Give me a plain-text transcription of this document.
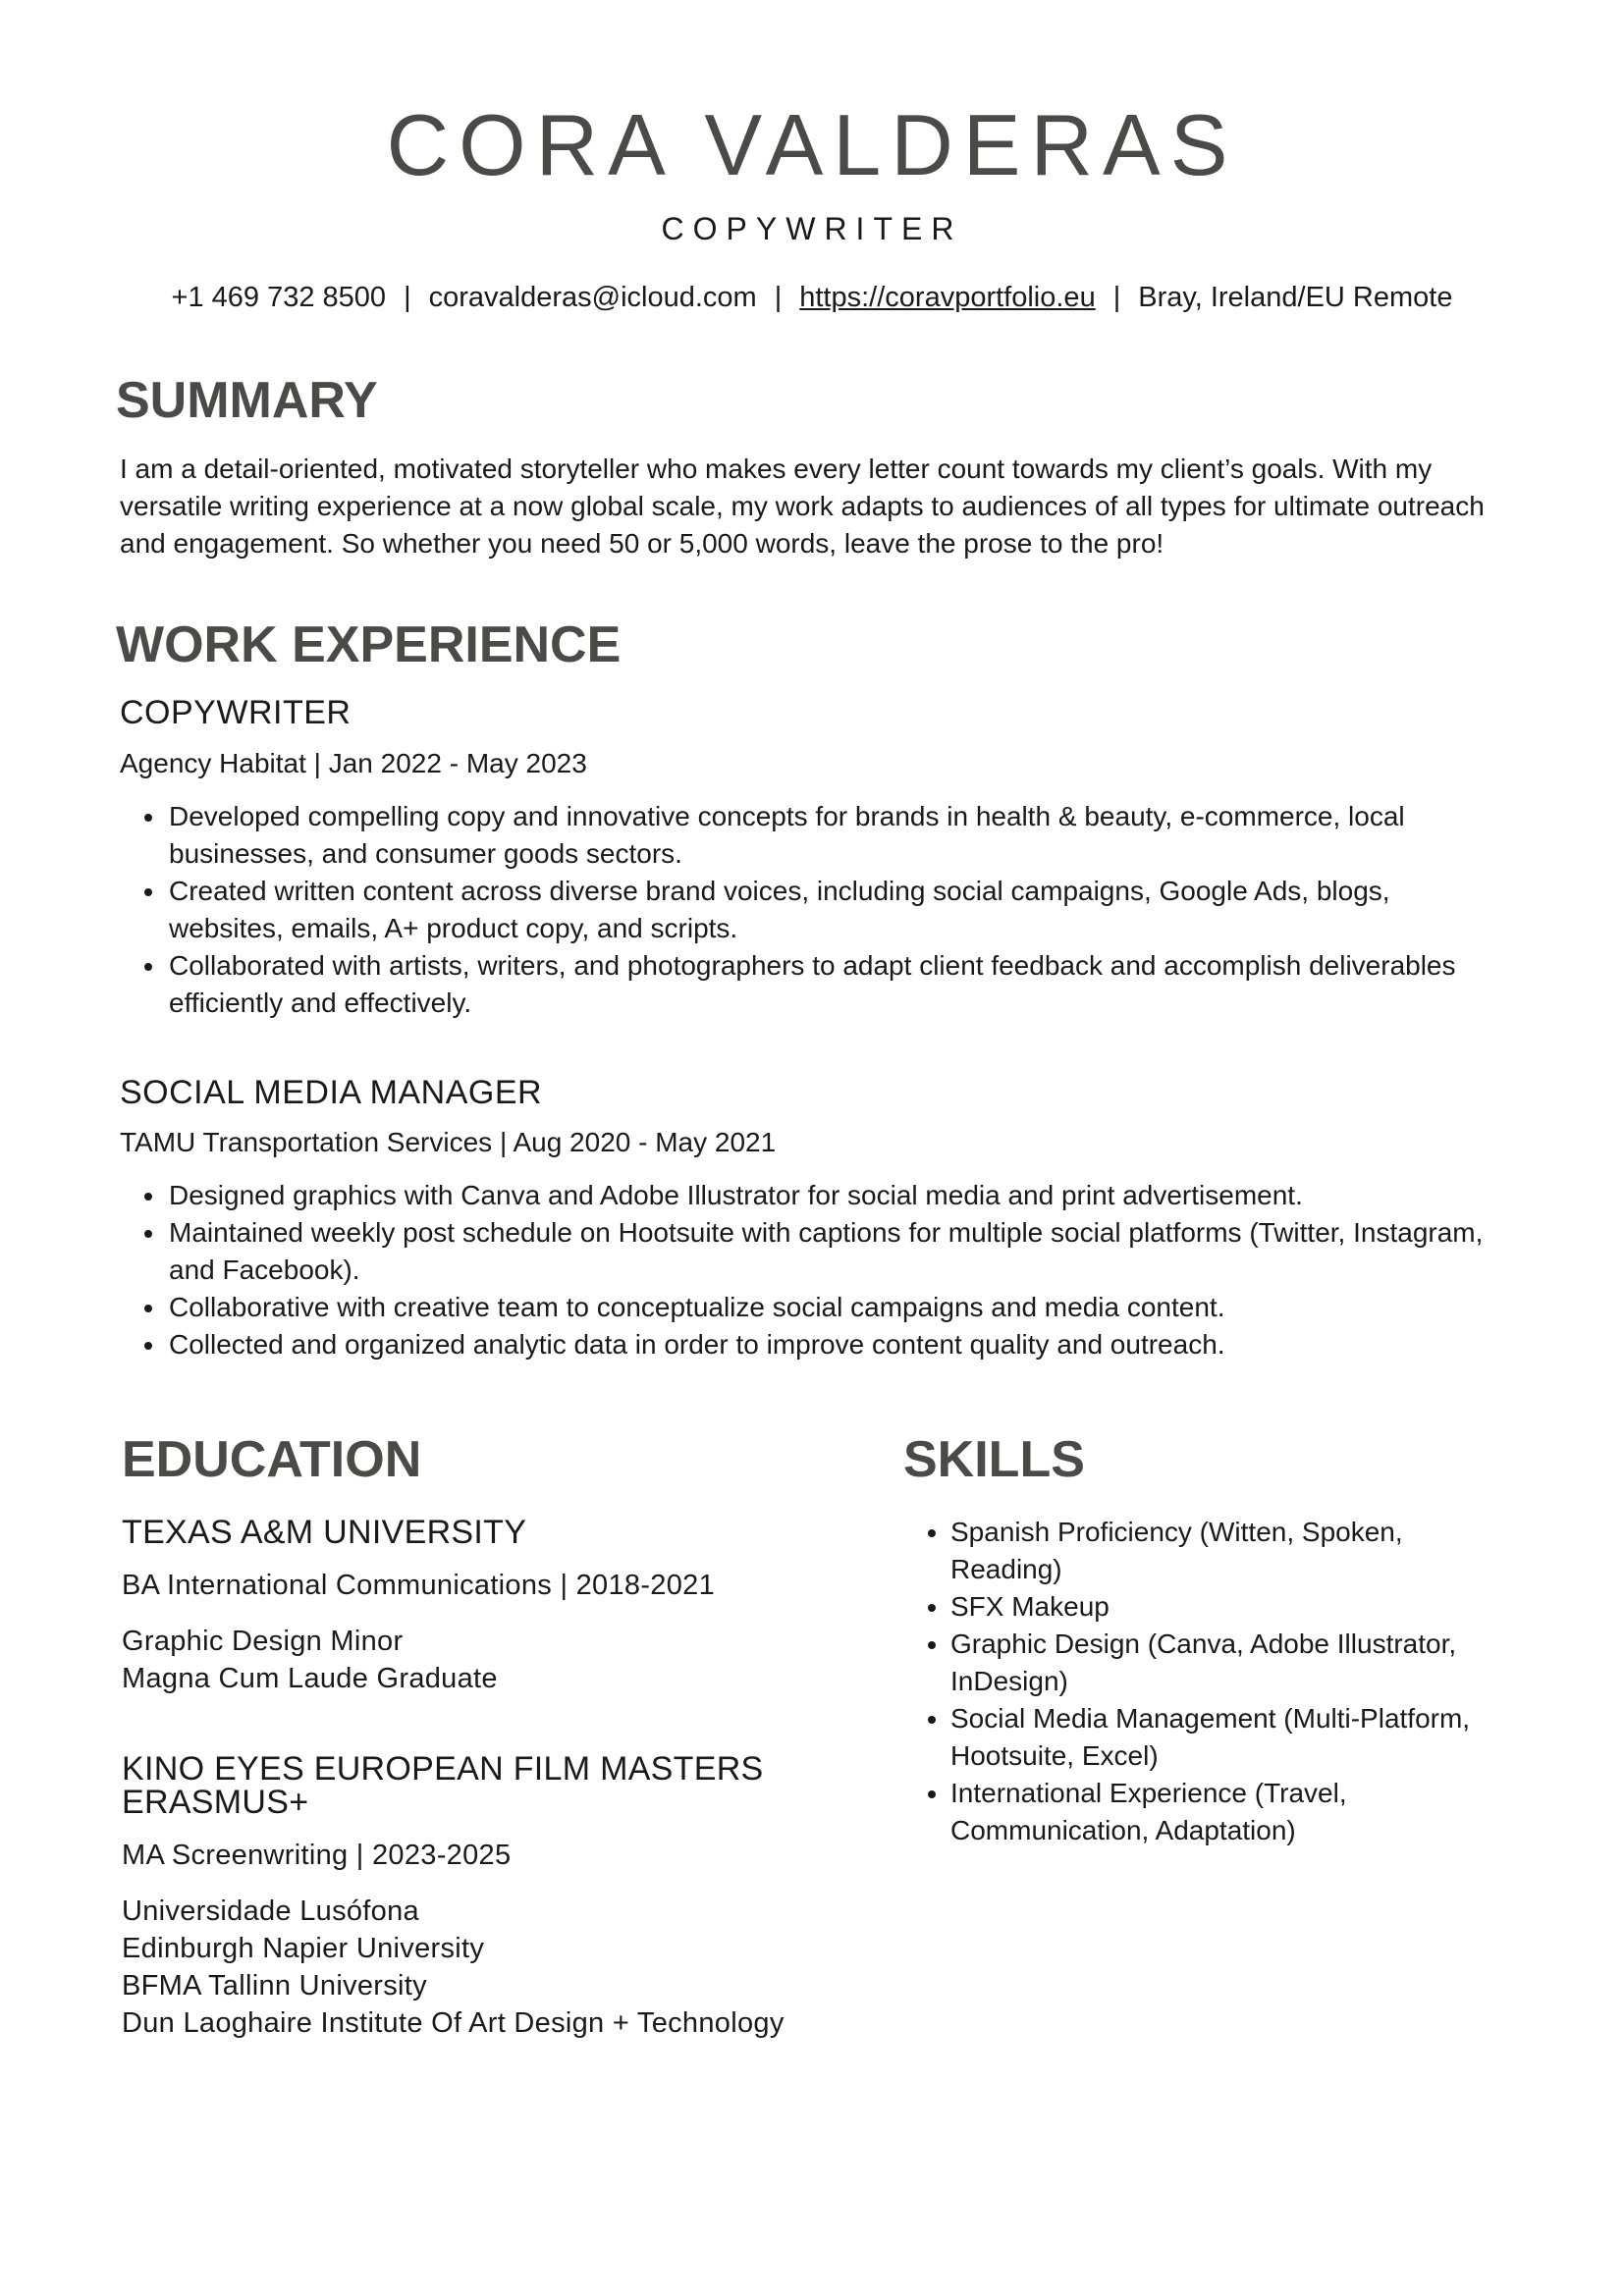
CORA VALDERAS
COPYWRITER
+1 469 732 8500 | coravalderas@icloud.com | https://coravportfolio.eu | Bray, Ireland/EU Remote
SUMMARY
I am a detail-oriented, motivated storyteller who makes every letter count towards my client’s goals. With my versatile writing experience at a now global scale, my work adapts to audiences of all types for ultimate outreach and engagement. So whether you need 50 or 5,000 words, leave the prose to the pro!
WORK EXPERIENCE
COPYWRITER
Agency Habitat | Jan 2022 - May 2023
• Developed compelling copy and innovative concepts for brands in health & beauty, e-commerce, local businesses, and consumer goods sectors.
• Created written content across diverse brand voices, including social campaigns, Google Ads, blogs, websites, emails, A+ product copy, and scripts.
• Collaborated with artists, writers, and photographers to adapt client feedback and accomplish deliverables efficiently and effectively.
SOCIAL MEDIA MANAGER
TAMU Transportation Services | Aug 2020 - May 2021
• Designed graphics with Canva and Adobe Illustrator for social media and print advertisement.
• Maintained weekly post schedule on Hootsuite with captions for multiple social platforms (Twitter, Instagram, and Facebook).
• Collaborative with creative team to conceptualize social campaigns and media content.
• Collected and organized analytic data in order to improve content quality and outreach.
EDUCATION
TEXAS A&M UNIVERSITY
BA International Communications | 2018-2021
Graphic Design Minor
Magna Cum Laude Graduate
KINO EYES EUROPEAN FILM MASTERS ERASMUS+
MA Screenwriting | 2023-2025
Universidade Lusófona
Edinburgh Napier University
BFMA Tallinn University
Dun Laoghaire Institute Of Art Design + Technology
SKILLS
• Spanish Proficiency (Witten, Spoken, Reading)
• SFX Makeup
• Graphic Design (Canva, Adobe Illustrator, InDesign)
• Social Media Management (Multi-Platform, Hootsuite, Excel)
• International Experience (Travel, Communication, Adaptation)
